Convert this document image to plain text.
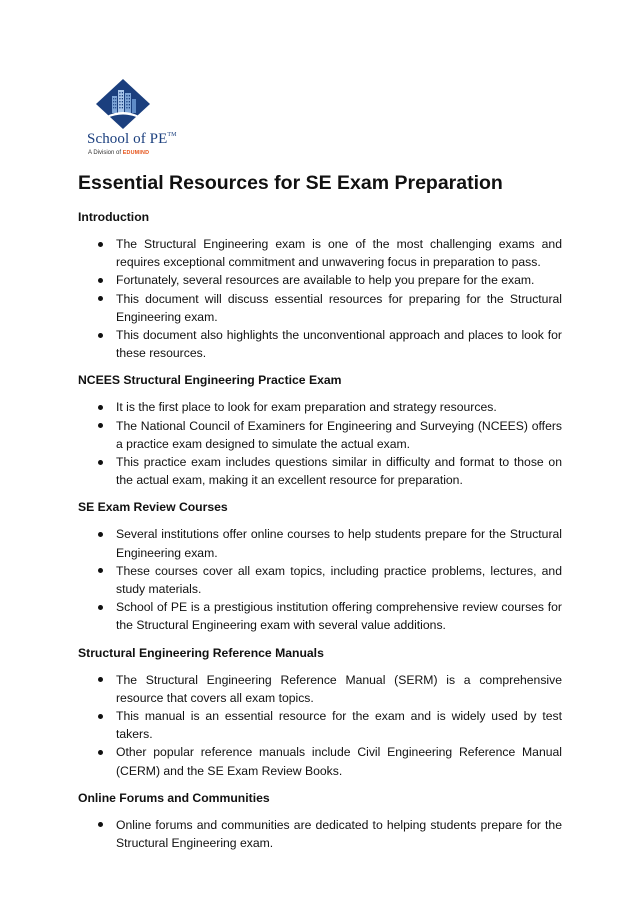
School of PE™
A Division of EDUMIND
Essential Resources for SE Exam Preparation
Introduction
The Structural Engineering exam is one of the most challenging exams and requires exceptional commitment and unwavering focus in preparation to pass.
Fortunately, several resources are available to help you prepare for the exam.
This document will discuss essential resources for preparing for the Structural Engineering exam.
This document also highlights the unconventional approach and places to look for these resources.
NCEES Structural Engineering Practice Exam
It is the first place to look for exam preparation and strategy resources.
The National Council of Examiners for Engineering and Surveying (NCEES) offers a practice exam designed to simulate the actual exam.
This practice exam includes questions similar in difficulty and format to those on the actual exam, making it an excellent resource for preparation.
SE Exam Review Courses
Several institutions offer online courses to help students prepare for the Structural Engineering exam.
These courses cover all exam topics, including practice problems, lectures, and study materials.
School of PE is a prestigious institution offering comprehensive review courses for the Structural Engineering exam with several value additions.
Structural Engineering Reference Manuals
The Structural Engineering Reference Manual (SERM) is a comprehensive resource that covers all exam topics.
This manual is an essential resource for the exam and is widely used by test takers.
Other popular reference manuals include Civil Engineering Reference Manual (CERM) and the SE Exam Review Books.
Online Forums and Communities
Online forums and communities are dedicated to helping students prepare for the Structural Engineering exam.
